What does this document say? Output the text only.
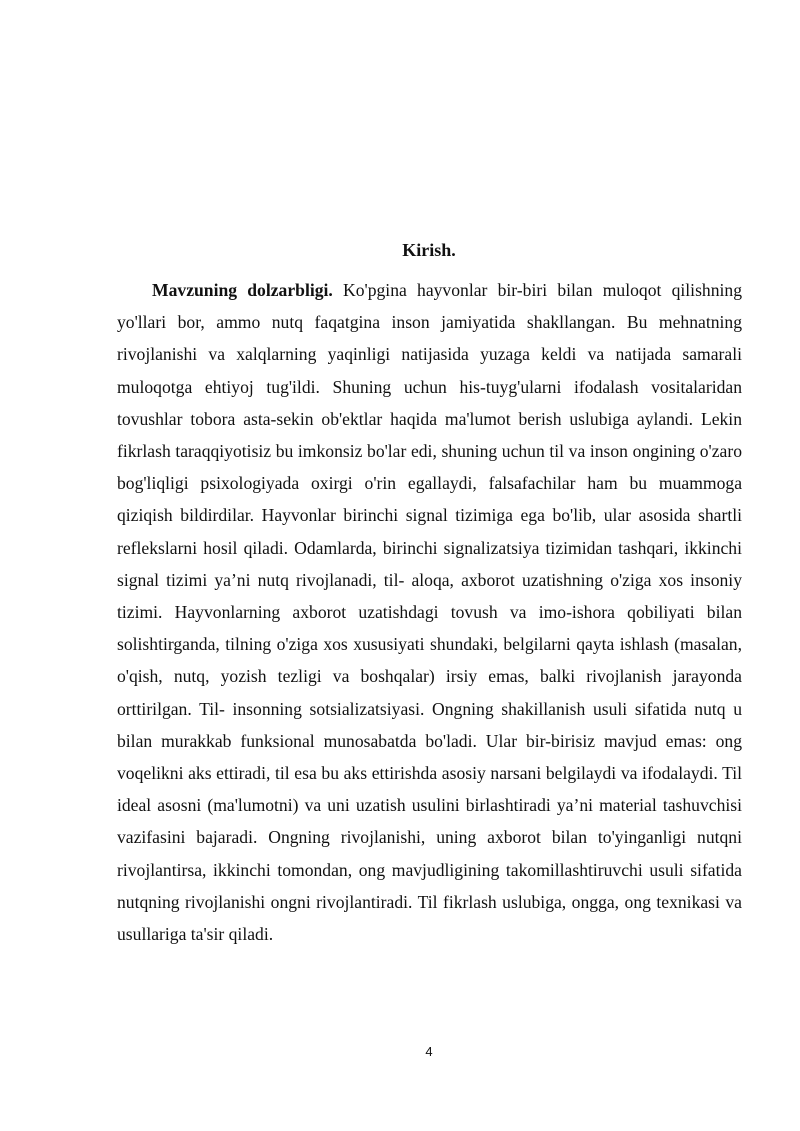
Kirish.

Mavzuning dolzarbligi. Ko'pgina hayvonlar bir-biri bilan muloqot qilishning yo'llari bor, ammo nutq faqatgina inson jamiyatida shakllangan. Bu mehnatning rivojlanishi va xalqlarning yaqinligi natijasida yuzaga keldi va natijada samarali muloqotga ehtiyoj tug'ildi. Shuning uchun his-tuyg'ularni ifodalash vositalaridan tovushlar tobora asta-sekin ob'ektlar haqida ma'lumot berish uslubiga aylandi. Lekin fikrlash taraqqiyotisiz bu imkonsiz bo'lar edi, shuning uchun til va inson ongining o'zaro bog'liqligi psixologiyada oxirgi o'rin egallaydi, falsafachilar ham bu muammoga qiziqish bildirdilar. Hayvonlar birinchi signal tizimiga ega bo'lib, ular asosida shartli reflekslarni hosil qiladi. Odamlarda, birinchi signalizatsiya tizimidan tashqari, ikkinchi signal tizimi ya’ni nutq rivojlanadi, til- aloqa, axborot uzatishning o'ziga xos insoniy tizimi. Hayvonlarning axborot uzatishdagi tovush va imo-ishora qobiliyati bilan solishtirganda, tilning o'ziga xos xususiyati shundaki, belgilarni qayta ishlash (masalan, o'qish, nutq, yozish tezligi va boshqalar) irsiy emas, balki rivojlanish jarayonda orttirilgan. Til- insonning sotsializatsiyasi. Ongning shakillanish usuli sifatida nutq u bilan murakkab funksional munosabatda bo'ladi. Ular bir-birisiz mavjud emas: ong voqelikni aks ettiradi, til esa bu aks ettirishda asosiy narsani belgilaydi va ifodalaydi. Til ideal asosni (ma'lumotni) va uni uzatish usulini birlashtiradi ya’ni material tashuvchisi vazifasini bajaradi. Ongning rivojlanishi, uning axborot bilan to'yinganligi nutqni rivojlantirsa, ikkinchi tomondan, ong mavjudligining takomillashtiruvchi usuli sifatida nutqning rivojlanishi ongni rivojlantiradi. Til fikrlash uslubiga, ongga, ong texnikasi va usullariga ta'sir qiladi.

4
